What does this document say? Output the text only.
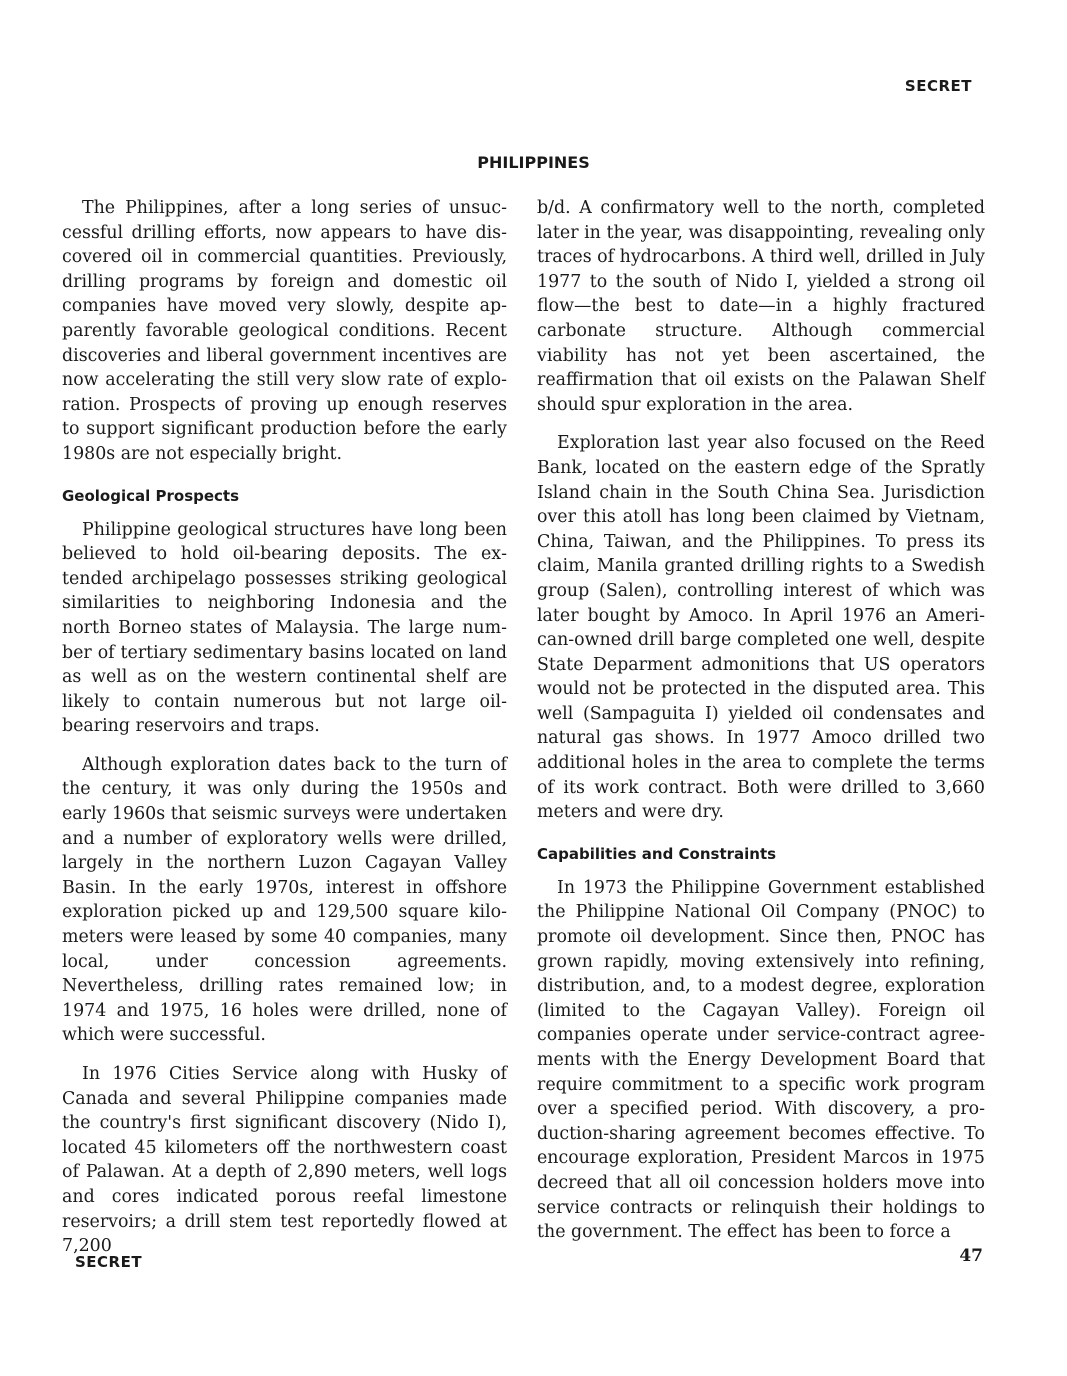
SECRET
PHILIPPINES

The Philippines, after a long series of unsuccessful drilling efforts, now appears to have discovered oil in commercial quantities. Previously, drilling programs by foreign and domestic oil companies have moved very slowly, despite apparently favorable geological conditions. Recent discoveries and liberal government incentives are now accelerating the still very slow rate of exploration. Prospects of proving up enough reserves to support significant production before the early 1980s are not especially bright.

Geological Prospects

Philippine geological structures have long been believed to hold oil-bearing deposits. The extended archipelago possesses striking geological similarities to neighboring Indonesia and the north Borneo states of Malaysia. The large number of tertiary sedimentary basins located on land as well as on the western continental shelf are likely to contain numerous but not large oil-bearing reservoirs and traps.

Although exploration dates back to the turn of the century, it was only during the 1950s and early 1960s that seismic surveys were undertaken and a number of exploratory wells were drilled, largely in the northern Luzon Cagayan Valley Basin. In the early 1970s, interest in offshore exploration picked up and 129,500 square kilometers were leased by some 40 companies, many local, under concession agreements. Nevertheless, drilling rates remained low; in 1974 and 1975, 16 holes were drilled, none of which were successful.

In 1976 Cities Service along with Husky of Canada and several Philippine companies made the country's first significant discovery (Nido I), located 45 kilometers off the northwestern coast of Palawan. At a depth of 2,890 meters, well logs and cores indicated porous reefal limestone reservoirs; a drill stem test reportedly flowed at 7,200

b/d. A confirmatory well to the north, completed later in the year, was disappointing, revealing only traces of hydrocarbons. A third well, drilled in July 1977 to the south of Nido I, yielded a strong oil flow—the best to date—in a highly fractured carbonate structure. Although commercial viability has not yet been ascertained, the reaffirmation that oil exists on the Palawan Shelf should spur exploration in the area.

Exploration last year also focused on the Reed Bank, located on the eastern edge of the Spratly Island chain in the South China Sea. Jurisdiction over this atoll has long been claimed by Vietnam, China, Taiwan, and the Philippines. To press its claim, Manila granted drilling rights to a Swedish group (Salen), controlling interest of which was later bought by Amoco. In April 1976 an American-owned drill barge completed one well, despite State Deparment admonitions that US operators would not be protected in the disputed area. This well (Sampaguita I) yielded oil condensates and natural gas shows. In 1977 Amoco drilled two additional holes in the area to complete the terms of its work contract. Both were drilled to 3,660 meters and were dry.

Capabilities and Constraints

In 1973 the Philippine Government established the Philippine National Oil Company (PNOC) to promote oil development. Since then, PNOC has grown rapidly, moving extensively into refining, distribution, and, to a modest degree, exploration (limited to the Cagayan Valley). Foreign oil companies operate under service-contract agreements with the Energy Development Board that require commitment to a specific work program over a specified period. With discovery, a production-sharing agreement becomes effective. To encourage exploration, President Marcos in 1975 decreed that all oil concession holders move into service contracts or relinquish their holdings to the government. The effect has been to force a

SECRET	47
